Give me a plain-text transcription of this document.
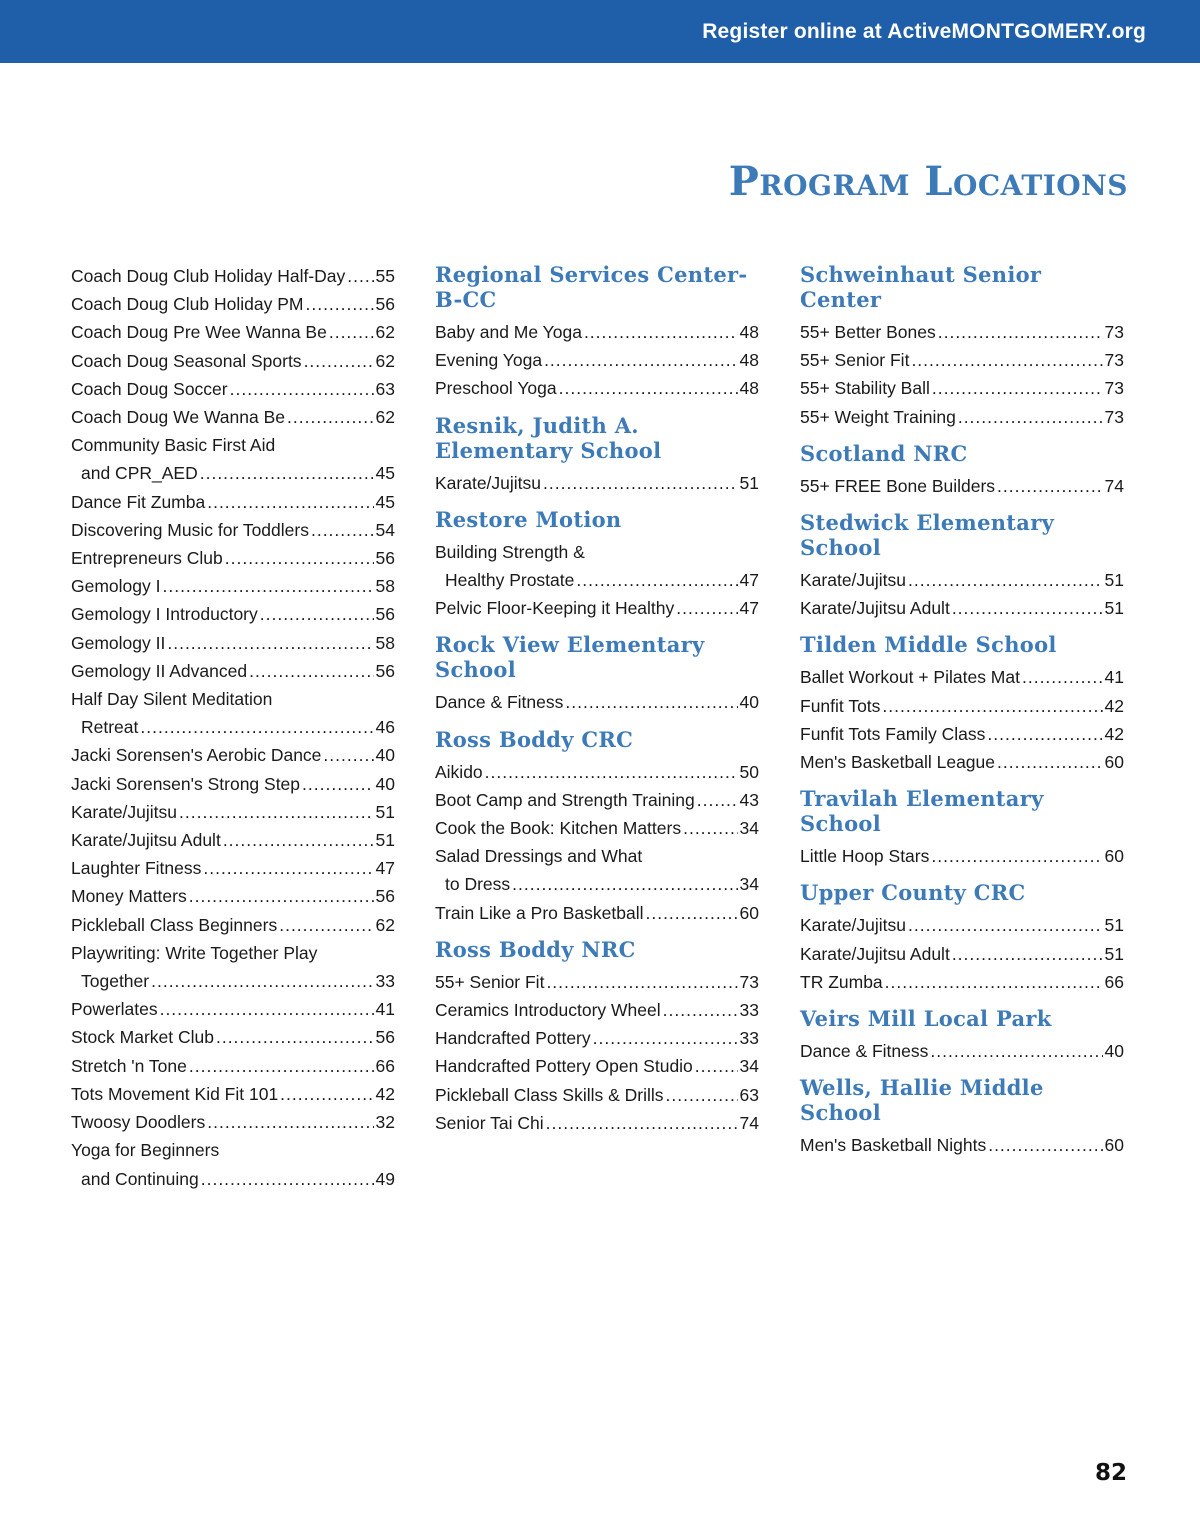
Register online at ActiveMONTGOMERY.org
Program Locations
Coach Doug Club Holiday Half-Day ..... 55
Coach Doug Club Holiday PM .....	56
Coach Doug Pre Wee Wanna Be .....	62
Coach Doug Seasonal Sports .....	62
Coach Doug Soccer .....	63
Coach Doug We Wanna Be .....	62
Community Basic First Aid
and CPR_AED .....	45
Dance Fit Zumba .....	45
Discovering Music for Toddlers .....	54
Entrepreneurs Club .....	56
Gemology I .....	58
Gemology I Introductory .....	56
Gemology II .....	58
Gemology II Advanced .....	56
Half Day Silent Meditation
Retreat .....	46
Jacki Sorensen's Aerobic Dance .....	40
Jacki Sorensen's Strong Step .....	40
Karate/Jujitsu .....	51
Karate/Jujitsu Adult .....	51
Laughter Fitness .....	47
Money Matters .....	56
Pickleball Class Beginners .....	62
Playwriting: Write Together Play
Together .....	33
Powerlates .....	41
Stock Market Club .....	56
Stretch 'n Tone .....	66
Tots Movement Kid Fit 101 .....	42
Twoosy Doodlers .....	32
Yoga for Beginners
and Continuing .....	49
Regional Services Center-
B-CC
Baby and Me Yoga .....	48
Evening Yoga .....	48
Preschool Yoga .....	48
Resnik, Judith A.
Elementary School
Karate/Jujitsu .....	51
Restore Motion
Building Strength &
Healthy Prostate .....	47
Pelvic Floor-Keeping it Healthy .....	47
Rock View Elementary
School
Dance & Fitness .....	40
Ross Boddy CRC
Aikido .....	50
Boot Camp and Strength Training .....	43
Cook the Book: Kitchen Matters .....	34
Salad Dressings and What
to Dress .....	34
Train Like a Pro Basketball .....	60
Ross Boddy NRC
55+ Senior Fit .....	73
Ceramics Introductory Wheel .....	33
Handcrafted Pottery .....	33
Handcrafted Pottery Open Studio .....	34
Pickleball Class Skills & Drills .....	63
Senior Tai Chi .....	74
Schweinhaut Senior Center
55+ Better Bones .....	73
55+ Senior Fit .....	73
55+ Stability Ball .....	73
55+ Weight Training .....	73
Scotland NRC
55+ FREE Bone Builders .....	74
Stedwick Elementary School
Karate/Jujitsu .....	51
Karate/Jujitsu Adult .....	51
Tilden Middle School
Ballet Workout + Pilates Mat .....	41
Funfit Tots .....	42
Funfit Tots Family Class .....	42
Men's Basketball League .....	60
Travilah Elementary School
Little Hoop Stars .....	60
Upper County CRC
Karate/Jujitsu .....	51
Karate/Jujitsu Adult .....	51
TR Zumba .....	66
Veirs Mill Local Park
Dance & Fitness .....	40
Wells, Hallie Middle School
Men's Basketball Nights .....	60
82
